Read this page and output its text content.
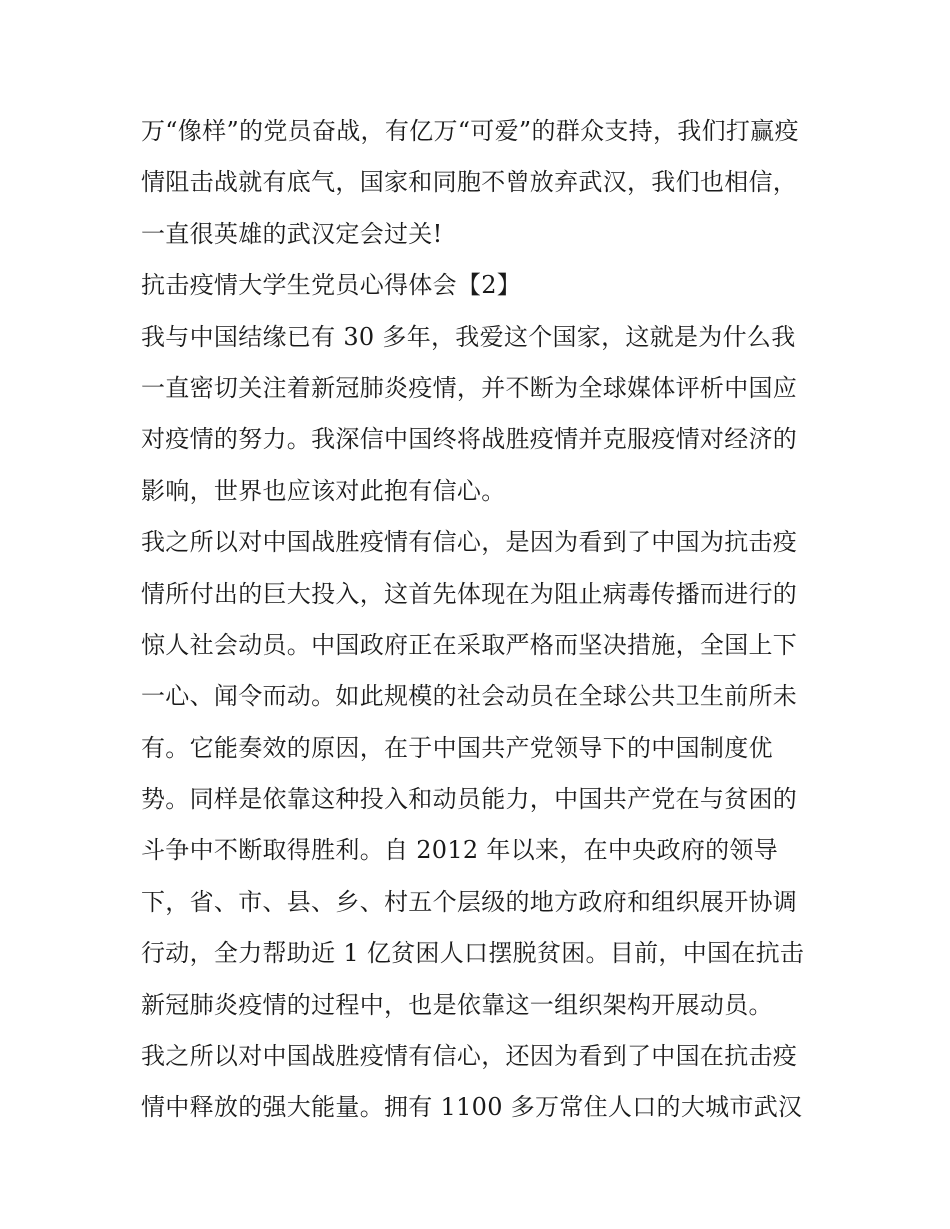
万“像样”的党员奋战，有亿万“可爱”的群众支持，我们打赢疫
情阻击战就有底气，国家和同胞不曾放弃武汉，我们也相信，
一直很英雄的武汉定会过关!
抗击疫情大学生党员心得体会【2】
我与中国结缘已有 30 多年，我爱这个国家，这就是为什么我
一直密切关注着新冠肺炎疫情，并不断为全球媒体评析中国应
对疫情的努力。我深信中国终将战胜疫情并克服疫情对经济的
影响，世界也应该对此抱有信心。
我之所以对中国战胜疫情有信心，是因为看到了中国为抗击疫
情所付出的巨大投入，这首先体现在为阻止病毒传播而进行的
惊人社会动员。中国政府正在采取严格而坚决措施，全国上下
一心、闻令而动。如此规模的社会动员在全球公共卫生前所未
有。它能奏效的原因，在于中国共产党领导下的中国制度优
势。同样是依靠这种投入和动员能力，中国共产党在与贫困的
斗争中不断取得胜利。自 2012 年以来，在中央政府的领导
下，省、市、县、乡、村五个层级的地方政府和组织展开协调
行动，全力帮助近 1 亿贫困人口摆脱贫困。目前，中国在抗击
新冠肺炎疫情的过程中，也是依靠这一组织架构开展动员。
我之所以对中国战胜疫情有信心，还因为看到了中国在抗击疫
情中释放的强大能量。拥有 1100 多万常住人口的大城市武汉
